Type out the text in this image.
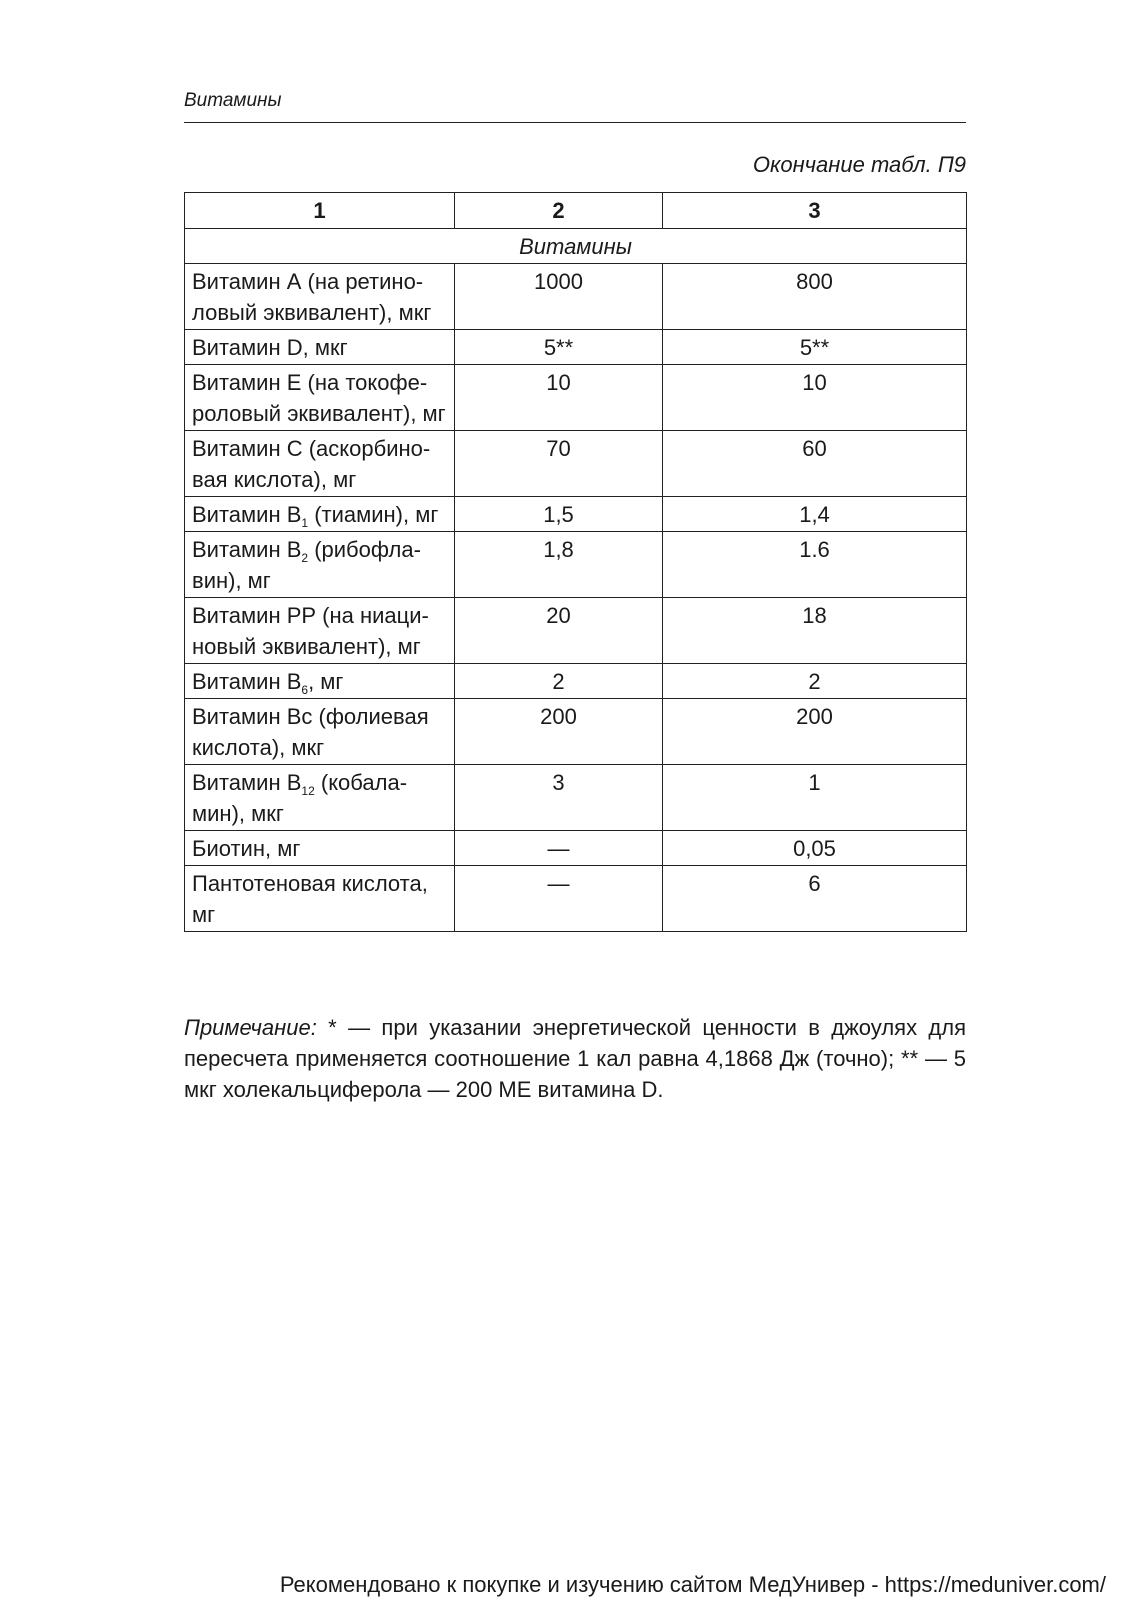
Витамины
Окончание табл. П9
1	2	3
Витамины		
Витамин А (на ретино- ловый эквивалент), мкг	1000	800
Витамин D, мкг	5**	5**
Витамин Е (на токофе- роловый эквивалент), мг	10	10
Витамин С (аскорбино- вая кислота), мг	70	60
Витамин $В_1$ (тиамин), мг	1,5	1,4
Витамин $В_2$ (рибофла-вин), мг	1,8	1.6
Витамин РР (на ниаци- новый эквивалент), мг	20	18
Витамин $В_6$, мг	2	2
Витамин Вс (фолиевая кислота), мкг	200	200
Витамин $В_{12}$ (кобала-мин), мкг	3	1
Биотин, мг	—	0,05
Пантотеновая кислота, мг	—	6
Примечание: * — при указании энергетической ценности в джоулях для пересчета применяется соотношение 1 кал равна 4,1868 Дж (точно); ** — 5 мкг холекальциферола — 200 МЕ витамина D.
Рекомендовано к покупке и изучению сайтом МедУнивер - https://meduniver.com/
